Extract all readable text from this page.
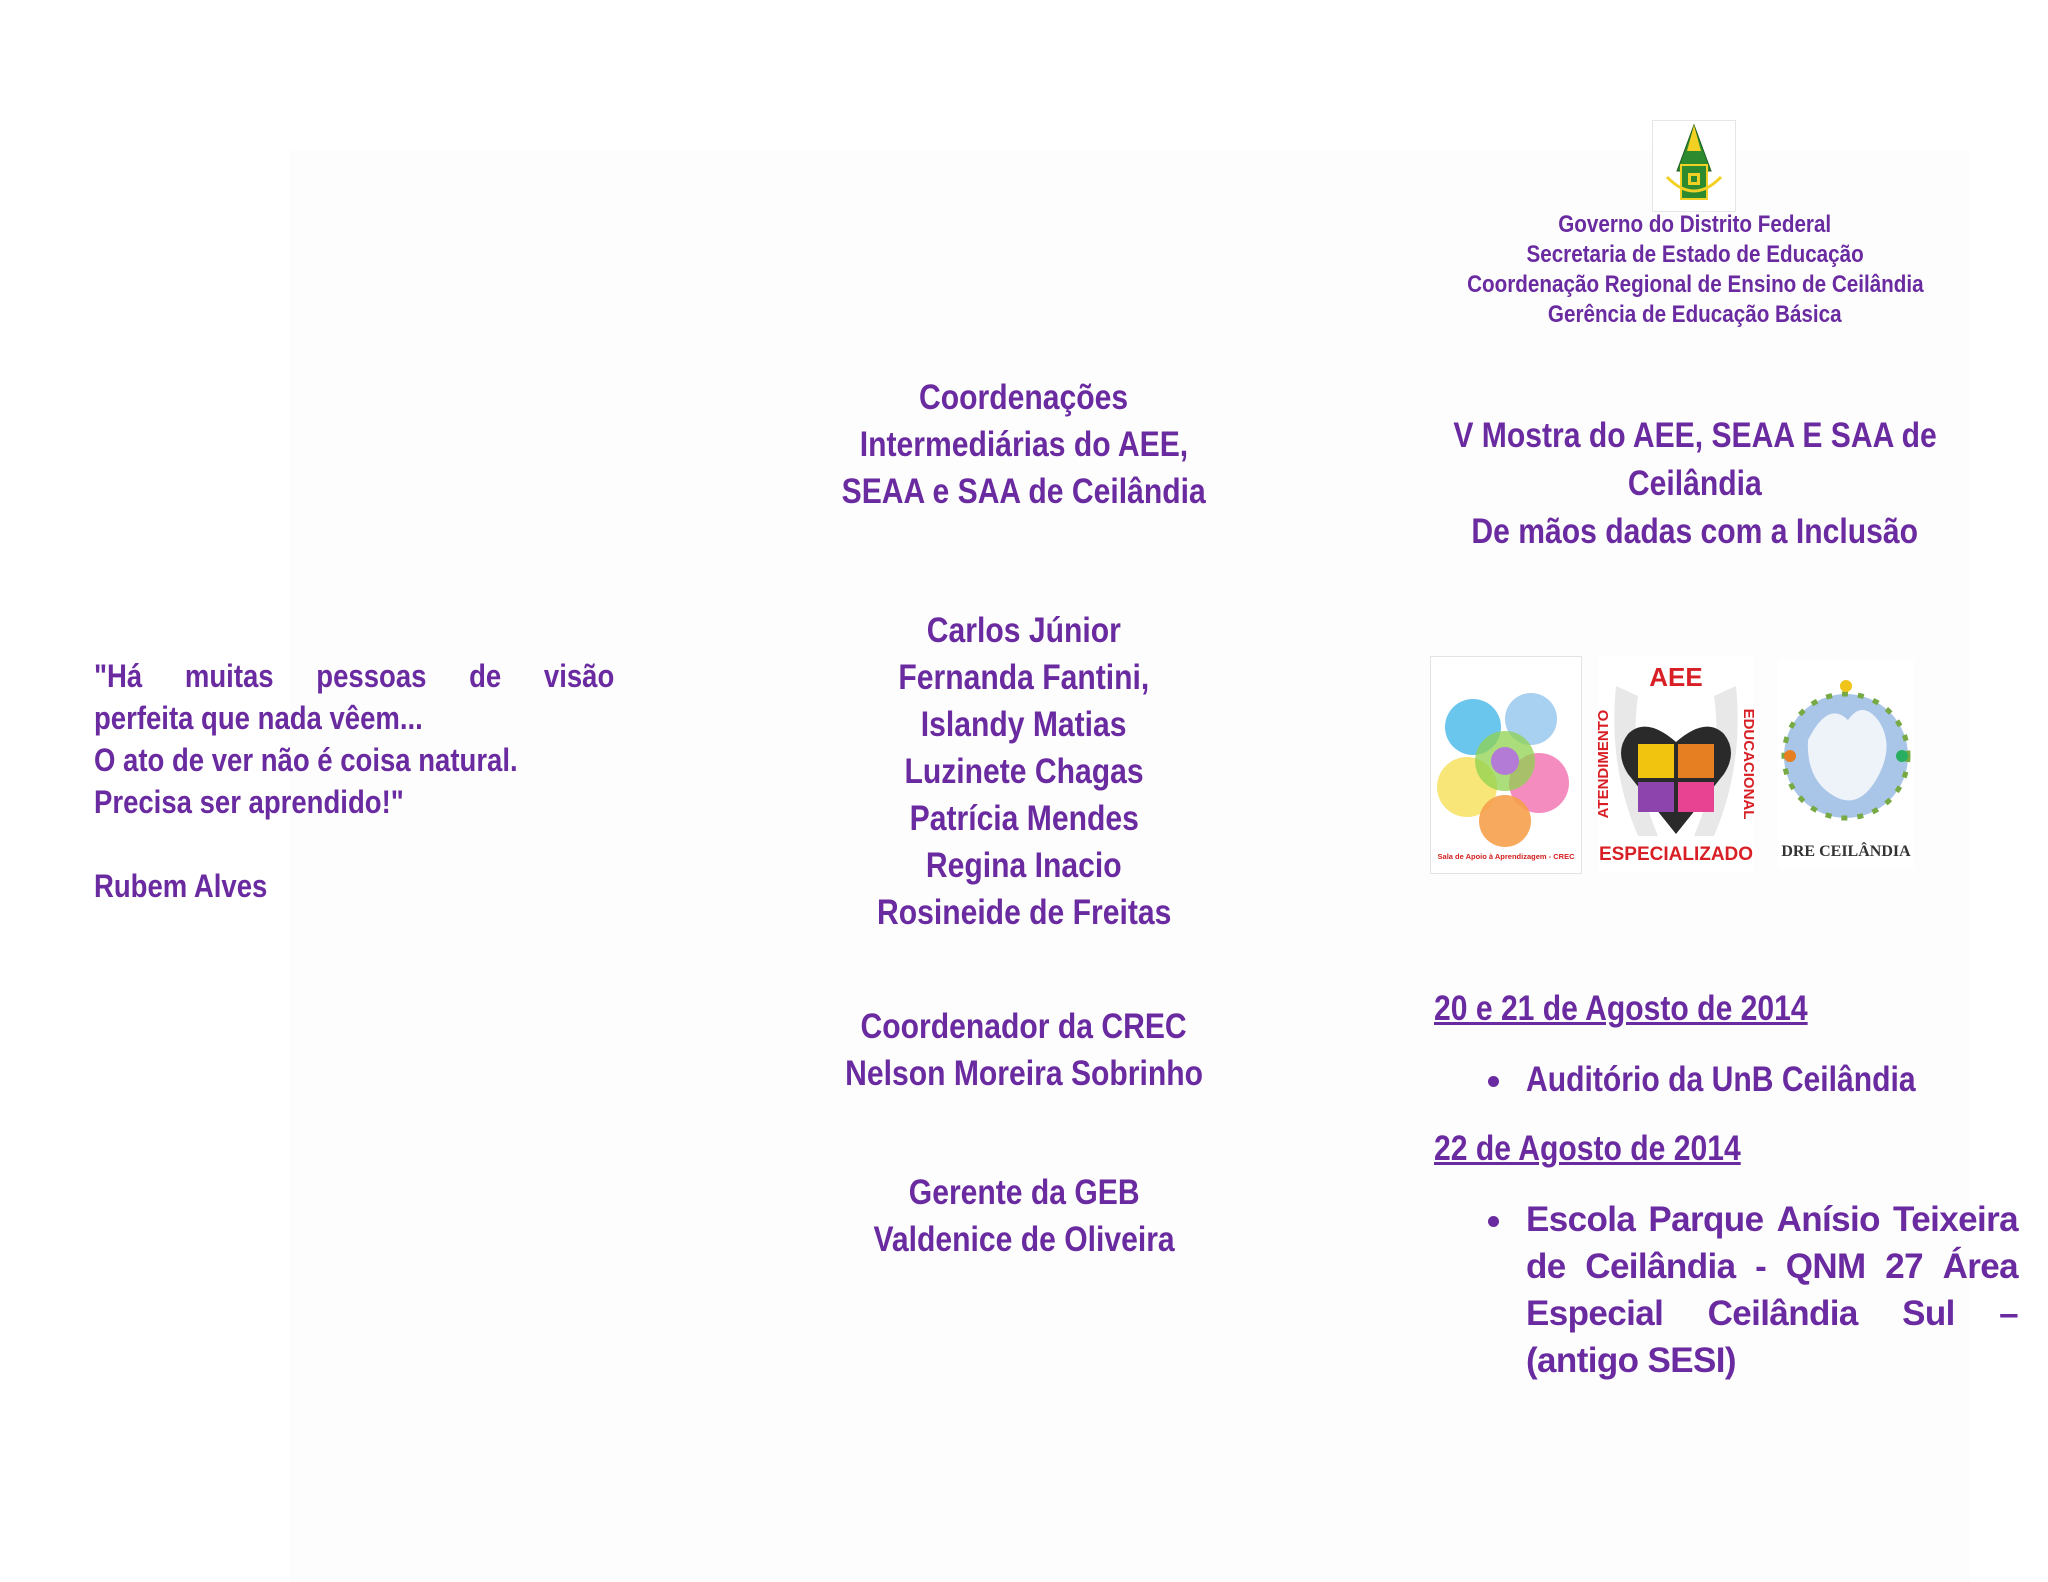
"Há muitas pessoas de visão
perfeita que nada vêem...
O ato de ver não é coisa natural.
Precisa ser aprendido!"
Rubem Alves
Coordenações
Intermediárias do AEE,
SEAA e SAA de Ceilândia
Carlos Júnior
Fernanda Fantini,
Islandy Matias
Luzinete Chagas
Patrícia Mendes
Regina Inacio
Rosineide de Freitas
Coordenador da CREC
Nelson Moreira Sobrinho
Gerente da GEB
Valdenice de Oliveira
Governo do Distrito Federal
Secretaria de Estado de Educação
Coordenação Regional de Ensino de Ceilândia
Gerência de Educação Básica
V Mostra do AEE, SEAA E SAA de
Ceilândia
De mãos dadas com a Inclusão
Sala de Apoio à Aprendizagem - CREC
AEE
ATENDIMENTO	EDUCACIONAL
ESPECIALIZADO DRE CEILÂNDIA
20 e 21 de Agosto de 2014
Auditório da UnB Ceilândia
22 de Agosto de 2014
Escola Parque Anísio Teixeira
de Ceilândia - QNM 27 Área
Especial Ceilândia Sul –
(antigo SESI)
